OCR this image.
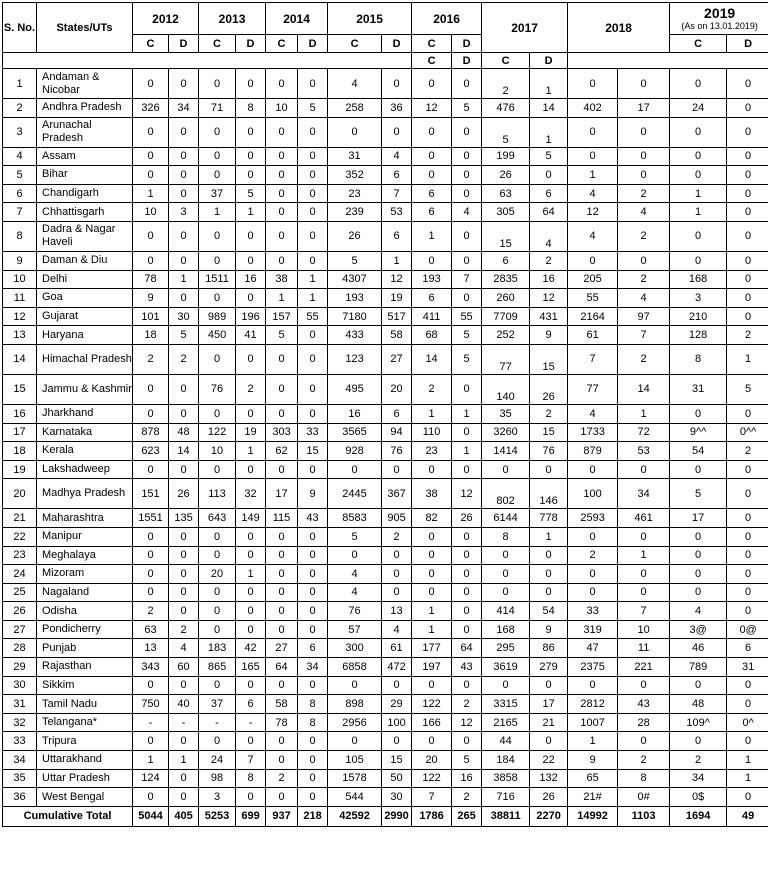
S. No.	States/UTs	2012		2013		2014		2015		2016		2017		2018		2019
(As on 13.01.2019)	

		C	D	C	D	C	D	C	D	C	D					C	D
										C	D	C	D				
1	Andaman & Nicobar	0	0	0	0	0	0	4	0	0	0	2	1	0	0	0	0
2	Andhra Pradesh	326	34	71	8	10	5	258	36	12	5	476	14	402	17	24	0
3	Arunachal Pradesh	0	0	0	0	0	0	0	0	0	0	5	1	0	0	0	0
4	Assam	0	0	0	0	0	0	31	4	0	0	199	5	0	0	0	0
5	Bihar	0	0	0	0	0	0	352	6	0	0	26	0	1	0	0	0
6	Chandigarh	1	0	37	5	0	0	23	7	6	0	63	6	4	2	1	0
7	Chhattisgarh	10	3	1	1	0	0	239	53	6	4	305	64	12	4	1	0
8	Dadra & Nagar Haveli	0	0	0	0	0	0	26	6	1	0	15	4	4	2	0	0
9	Daman & Diu	0	0	0	0	0	0	5	1	0	0	6	2	0	0	0	0
10	Delhi	78	1	1511	16	38	1	4307	12	193	7	2835	16	205	2	168	0
11	Goa	9	0	0	0	1	1	193	19	6	0	260	12	55	4	3	0
12	Gujarat	101	30	989	196	157	55	7180	517	411	55	7709	431	2164	97	210	0
13	Haryana	18	5	450	41	5	0	433	58	68	5	252	9	61	7	128	2
14	Himachal Pradesh	2	2	0	0	0	0	123	27	14	5	77	15	7	2	8	1
15	Jammu & Kashmir	0	0	76	2	0	0	495	20	2	0	140	26	77	14	31	5
16	Jharkhand	0	0	0	0	0	0	16	6	1	1	35	2	4	1	0	0
17	Karnataka	878	48	122	19	303	33	3565	94	110	0	3260	15	1733	72	9^^	0^^
18	Kerala	623	14	10	1	62	15	928	76	23	1	1414	76	879	53	54	2
19	Lakshadweep	0	0	0	0	0	0	0	0	0	0	0	0	0	0	0	0
20	Madhya Pradesh	151	26	113	32	17	9	2445	367	38	12	802	146	100	34	5	0
21	Maharashtra	1551	135	643	149	115	43	8583	905	82	26	6144	778	2593	461	17	0
22	Manipur	0	0	0	0	0	0	5	2	0	0	8	1	0	0	0	0
23	Meghalaya	0	0	0	0	0	0	0	0	0	0	0	0	2	1	0	0
24	Mizoram	0	0	20	1	0	0	4	0	0	0	0	0	0	0	0	0
25	Nagaland	0	0	0	0	0	0	4	0	0	0	0	0	0	0	0	0
26	Odisha	2	0	0	0	0	0	76	13	1	0	414	54	33	7	4	0
27	Pondicherry	63	2	0	0	0	0	57	4	1	0	168	9	319	10	3@	0@
28	Punjab	13	4	183	42	27	6	300	61	177	64	295	86	47	11	46	6
29	Rajasthan	343	60	865	165	64	34	6858	472	197	43	3619	279	2375	221	789	31
30	Sikkim	0	0	0	0	0	0	0	0	0	0	0	0	0	0	0	0
31	Tamil Nadu	750	40	37	6	58	8	898	29	122	2	3315	17	2812	43	48	0
32	Telangana*	-	-	-	-	78	8	2956	100	166	12	2165	21	1007	28	109^	0^
33	Tripura	0	0	0	0	0	0	0	0	0	0	44	0	1	0	0	0
34	Uttarakhand	1	1	24	7	0	0	105	15	20	5	184	22	9	2	2	1
35	Uttar Pradesh	124	0	98	8	2	0	1578	50	122	16	3858	132	65	8	34	1
36	West Bengal	0	0	3	0	0	0	544	30	7	2	716	26	21#	0#	0$	0
Cumulative Total		5044	405	5253	699	937	218	42592	2990	1786	265	38811	2270	14992	1103	1694	49
